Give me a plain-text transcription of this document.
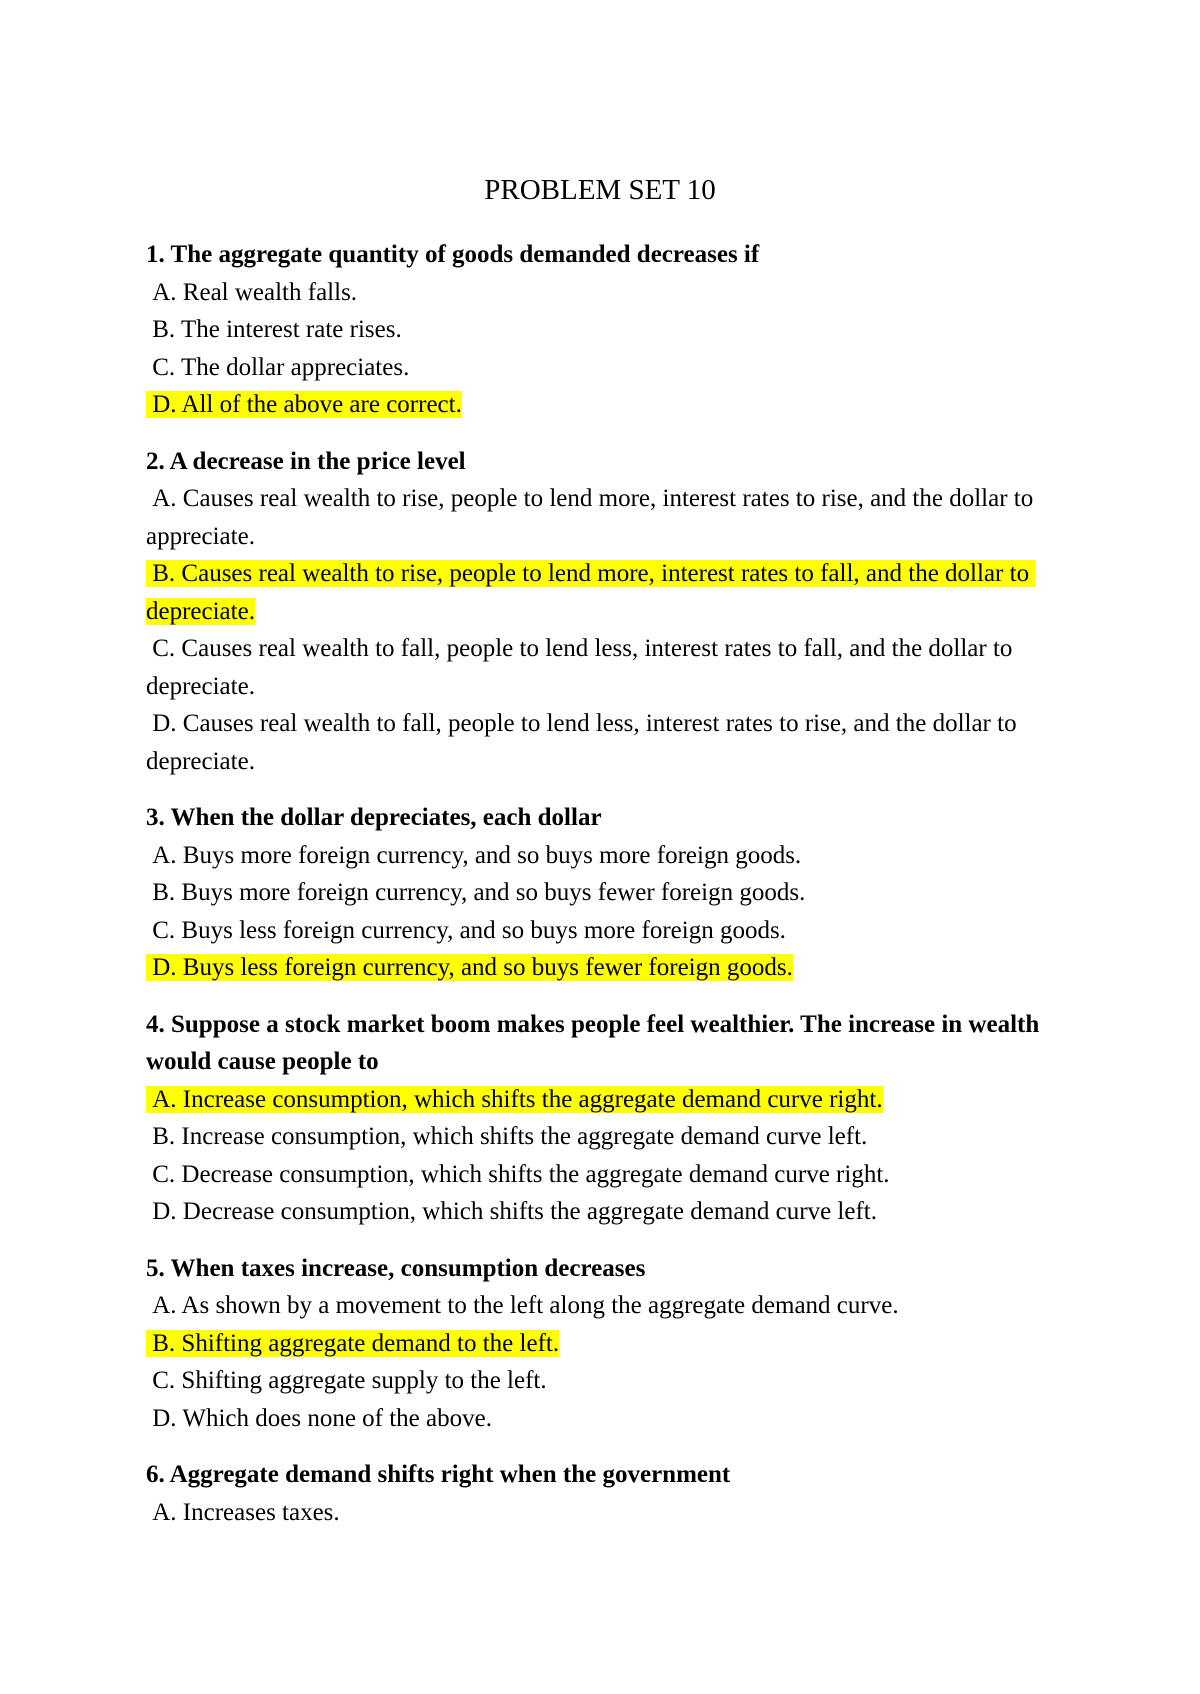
PROBLEM SET 10

1. The aggregate quantity of goods demanded decreases if

A. Real wealth falls.

B. The interest rate rises.

C. The dollar appreciates.

D. All of the above are correct.

2. A decrease in the price level

A. Causes real wealth to rise, people to lend more, interest rates to rise, and the dollar to appreciate.

B. Causes real wealth to rise, people to lend more, interest rates to fall, and the dollar to depreciate.

C. Causes real wealth to fall, people to lend less, interest rates to fall, and the dollar to depreciate.

D. Causes real wealth to fall, people to lend less, interest rates to rise, and the dollar to depreciate.

3. When the dollar depreciates, each dollar

A. Buys more foreign currency, and so buys more foreign goods.

B. Buys more foreign currency, and so buys fewer foreign goods.

C. Buys less foreign currency, and so buys more foreign goods.

D. Buys less foreign currency, and so buys fewer foreign goods.

4. Suppose a stock market boom makes people feel wealthier. The increase in wealth would cause people to

A. Increase consumption, which shifts the aggregate demand curve right.

B. Increase consumption, which shifts the aggregate demand curve left.

C. Decrease consumption, which shifts the aggregate demand curve right.

D. Decrease consumption, which shifts the aggregate demand curve left.

5. When taxes increase, consumption decreases

A. As shown by a movement to the left along the aggregate demand curve.

B. Shifting aggregate demand to the left.

C. Shifting aggregate supply to the left.

D. Which does none of the above.

6. Aggregate demand shifts right when the government

A. Increases taxes.
